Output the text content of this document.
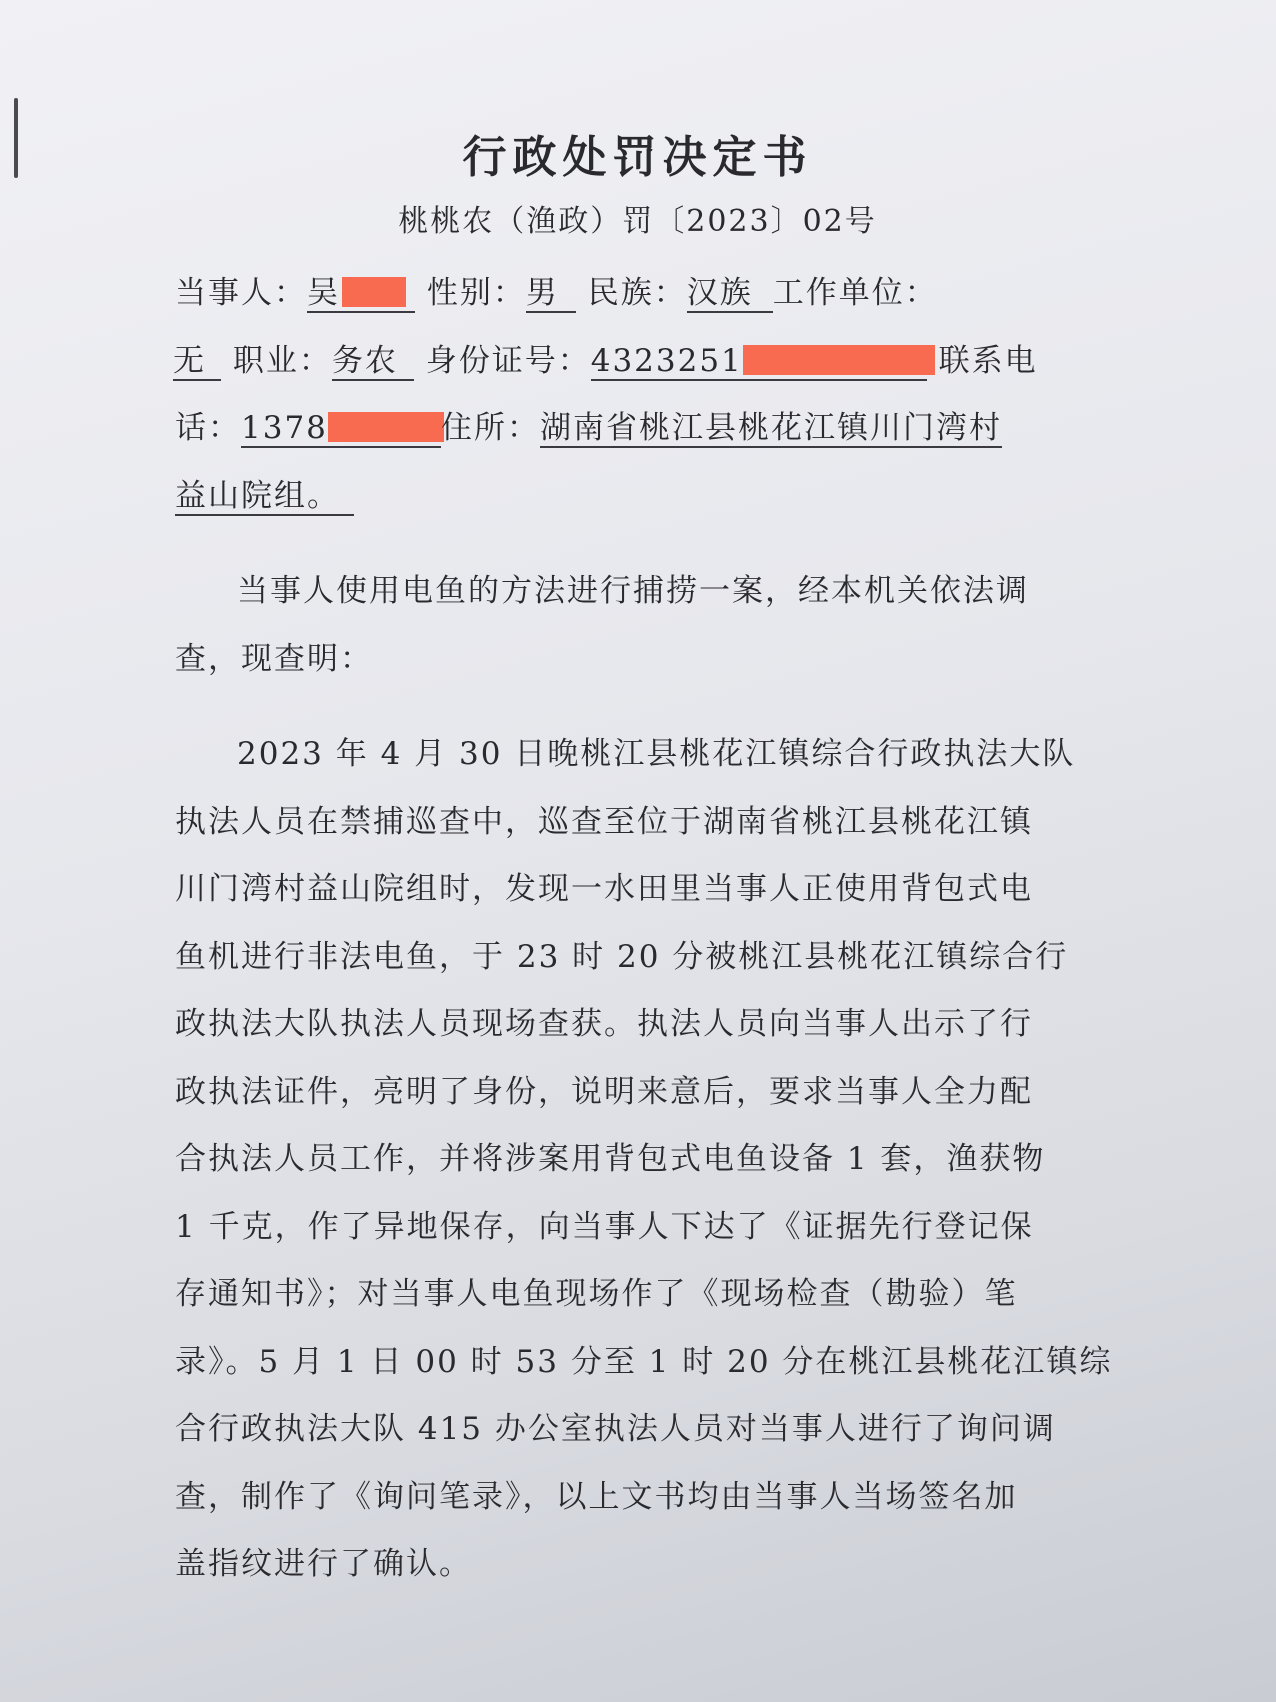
行政处罚决定书
桃桃农（渔政）罚〔2023〕02号
当事人：吴	性别：男 民族：汉族 工作单位：
无 职业：务农 身份证号：4323251	联系电
话：1378	住所：湖南省桃江县桃花江镇川门湾村
益山院组。
当事人使用电鱼的方法进行捕捞一案，经本机关依法调
查，现查明：
2023 年 4 月 30 日晚桃江县桃花江镇综合行政执法大队
执法人员在禁捕巡查中，巡查至位于湖南省桃江县桃花江镇
川门湾村益山院组时，发现一水田里当事人正使用背包式电
鱼机进行非法电鱼，于 23 时 20 分被桃江县桃花江镇综合行
政执法大队执法人员现场查获。执法人员向当事人出示了行
政执法证件，亮明了身份，说明来意后，要求当事人全力配
合执法人员工作，并将涉案用背包式电鱼设备 1 套，渔获物
1 千克，作了异地保存，向当事人下达了《证据先行登记保
存通知书》；对当事人电鱼现场作了《现场检查（勘验）笔
录》。5 月 1 日 00 时 53 分至 1 时 20 分在桃江县桃花江镇综
合行政执法大队 415 办公室执法人员对当事人进行了询问调
查，制作了《询问笔录》，以上文书均由当事人当场签名加
盖指纹进行了确认。
